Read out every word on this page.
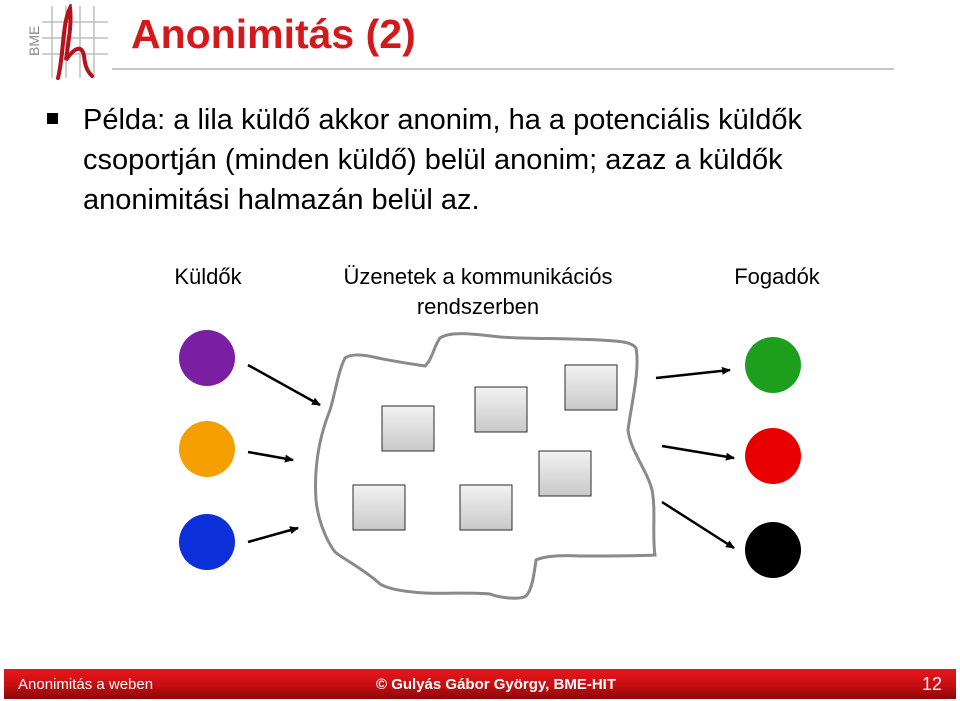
BME Anonimitás (2)
Példa: a lila küldő akkor anonim, ha a potenciális küldők
csoportján (minden küldő) belül anonim; azaz a küldők
anonimitási halmazán belül az.
Küldők	Üzenetek a kommunikációs
rendszerben
Fogadók
Anonimitás a weben	© Gulyás Gábor György, BME-HIT	12
